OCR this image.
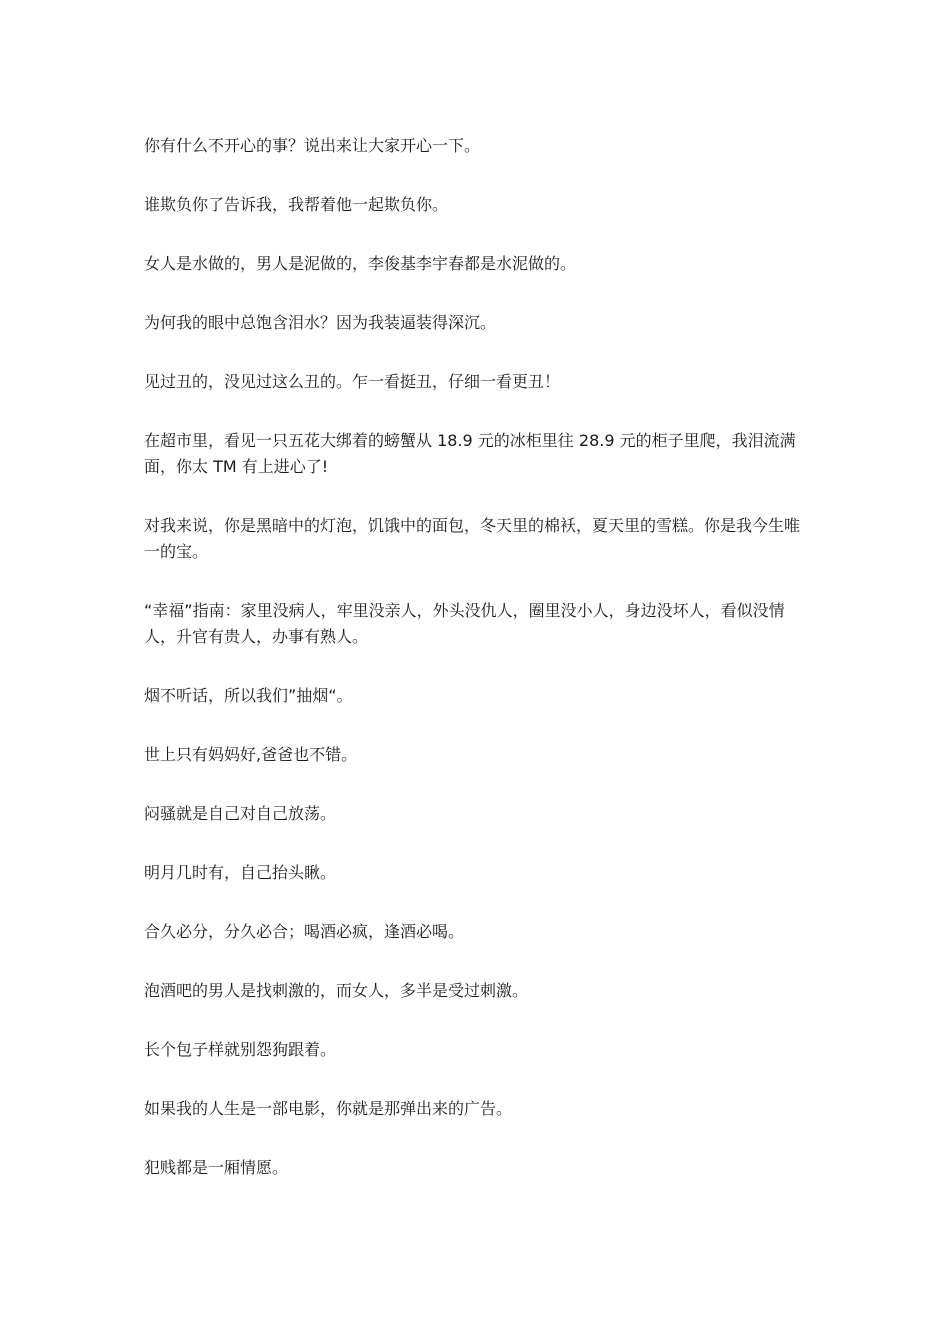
你有什么不开心的事？说出来让大家开心一下。

谁欺负你了告诉我，我帮着他一起欺负你。

女人是水做的，男人是泥做的，李俊基李宇春都是水泥做的。

为何我的眼中总饱含泪水？因为我装逼装得深沉。

见过丑的，没见过这么丑的。乍一看挺丑，仔细一看更丑！

在超市里，看见一只五花大绑着的螃蟹从 18.9 元的冰柜里往 28.9 元的柜子里爬，我泪流满面，你太 TM 有上进心了!

对我来说，你是黑暗中的灯泡，饥饿中的面包，冬天里的棉袄，夏天里的雪糕。你是我今生唯一的宝。

“幸福”指南：家里没病人，牢里没亲人，外头没仇人，圈里没小人，身边没坏人，看似没情人，升官有贵人，办事有熟人。

烟不听话，所以我们”抽烟“。

世上只有妈妈好,爸爸也不错。

闷骚就是自己对自己放荡。

明月几时有，自己抬头瞅。

合久必分，分久必合；喝酒必疯，逢酒必喝。

泡酒吧的男人是找刺激的，而女人，多半是受过刺激。

长个包子样就别怨狗跟着。

如果我的人生是一部电影，你就是那弹出来的广告。

犯贱都是一厢情愿。
